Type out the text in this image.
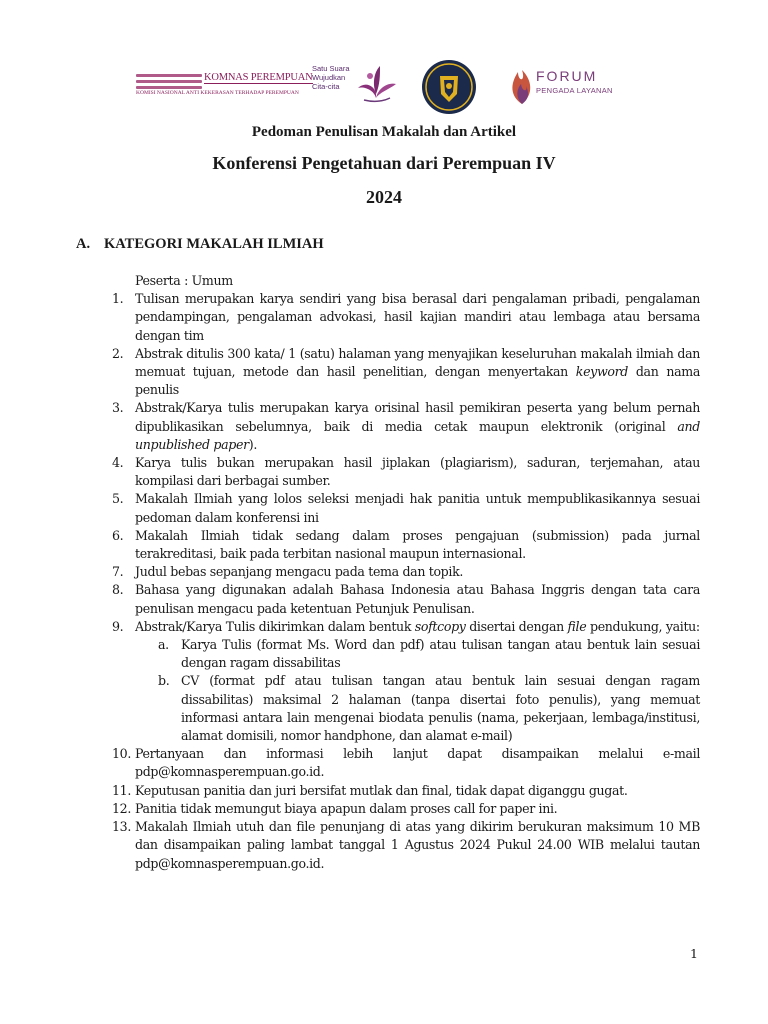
KOMNAS PEREMPUAN
KOMISI NASIONAL ANTI KEKERASAN TERHADAP PEREMPUAN
Satu Suara
Wujudkan
Cita-cita
FORUM
PENGADA LAYANAN
Pedoman Penulisan Makalah dan Artikel
Konferensi Pengetahuan dari Perempuan IV
2024
A. KATEGORI MAKALAH ILMIAH
Peserta : Umum
1. Tulisan merupakan karya sendiri yang bisa berasal dari pengalaman pribadi, pengalaman pendampingan, pengalaman advokasi, hasil kajian mandiri atau lembaga atau bersama dengan tim
2. Abstrak ditulis 300 kata/ 1 (satu) halaman yang menyajikan keseluruhan makalah ilmiah dan memuat tujuan, metode dan hasil penelitian, dengan menyertakan keyword dan nama penulis
3. Abstrak/Karya tulis merupakan karya orisinal hasil pemikiran peserta yang belum pernah dipublikasikan sebelumnya, baik di media cetak maupun elektronik (original and unpublished paper).
4. Karya tulis bukan merupakan hasil jiplakan (plagiarism), saduran, terjemahan, atau kompilasi dari berbagai sumber.
5. Makalah Ilmiah yang lolos seleksi menjadi hak panitia untuk mempublikasikannya sesuai pedoman dalam konferensi ini
6. Makalah Ilmiah tidak sedang dalam proses pengajuan (submission) pada jurnal terakreditasi, baik pada terbitan nasional maupun internasional.
7. Judul bebas sepanjang mengacu pada tema dan topik.
8. Bahasa yang digunakan adalah Bahasa Indonesia atau Bahasa Inggris dengan tata cara penulisan mengacu pada ketentuan Petunjuk Penulisan.
9. Abstrak/Karya Tulis dikirimkan dalam bentuk softcopy disertai dengan file pendukung, yaitu:
a. Karya Tulis (format Ms. Word dan pdf) atau tulisan tangan atau bentuk lain sesuai dengan ragam dissabilitas
b. CV (format pdf atau tulisan tangan atau bentuk lain sesuai dengan ragam dissabilitas) maksimal 2 halaman (tanpa disertai foto penulis), yang memuat informasi antara lain mengenai biodata penulis (nama, pekerjaan, lembaga/institusi, alamat domisili, nomor handphone, dan alamat e-mail)
10. Pertanyaan dan informasi lebih lanjut dapat disampaikan melalui e-mail pdp@komnasperempuan.go.id.
11. Keputusan panitia dan juri bersifat mutlak dan final, tidak dapat diganggu gugat.
12. Panitia tidak memungut biaya apapun dalam proses call for paper ini.
13. Makalah Ilmiah utuh dan file penunjang di atas yang dikirim berukuran maksimum 10 MB dan disampaikan paling lambat tanggal 1 Agustus 2024 Pukul 24.00 WIB melalui tautan pdp@komnasperempuan.go.id.
1
